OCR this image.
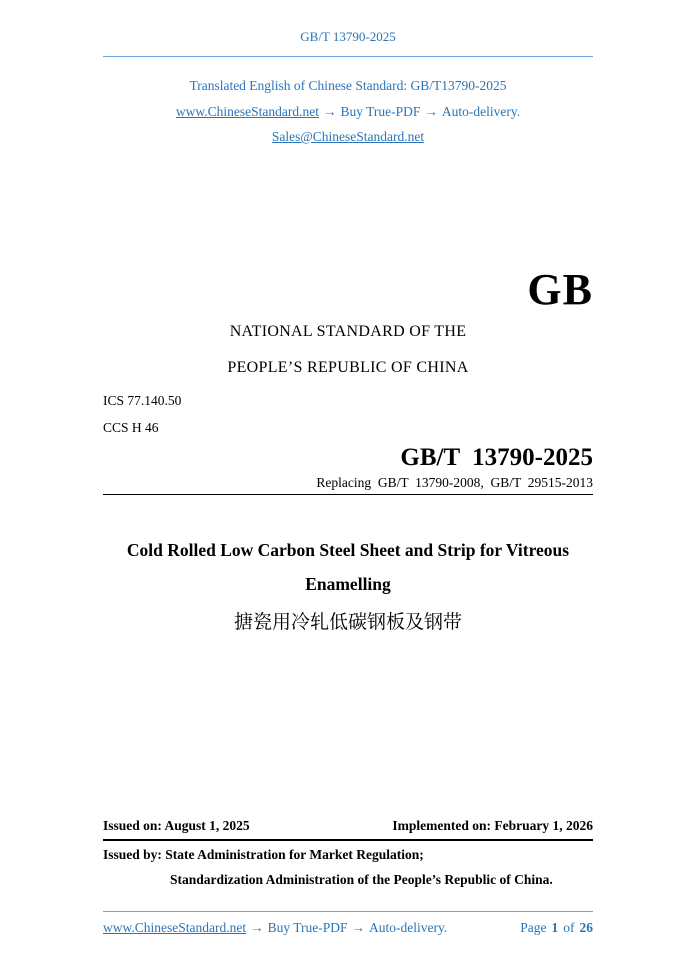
GB/T 13790-2025
Translated English of Chinese Standard: GB/T13790-2025
www.ChineseStandard.net → Buy True-PDF → Auto-delivery.
Sales@ChineseStandard.net
GB
NATIONAL STANDARD OF THE
PEOPLE’S REPUBLIC OF CHINA
ICS 77.140.50
CCS H 46
GB/T  13790-2025
Replacing  GB/T  13790-2008,  GB/T  29515-2013
Cold Rolled Low Carbon Steel Sheet and Strip for Vitreous
Enamelling
搪瓷用冷轧低碳钢板及钢带
Issued on: August 1, 2025	Implemented on: February 1, 2026
Issued by: State Administration for Market Regulation;
Standardization Administration of the People’s Republic of China.
www.ChineseStandard.net → Buy True-PDF → Auto-delivery.	Page 1 of 26
